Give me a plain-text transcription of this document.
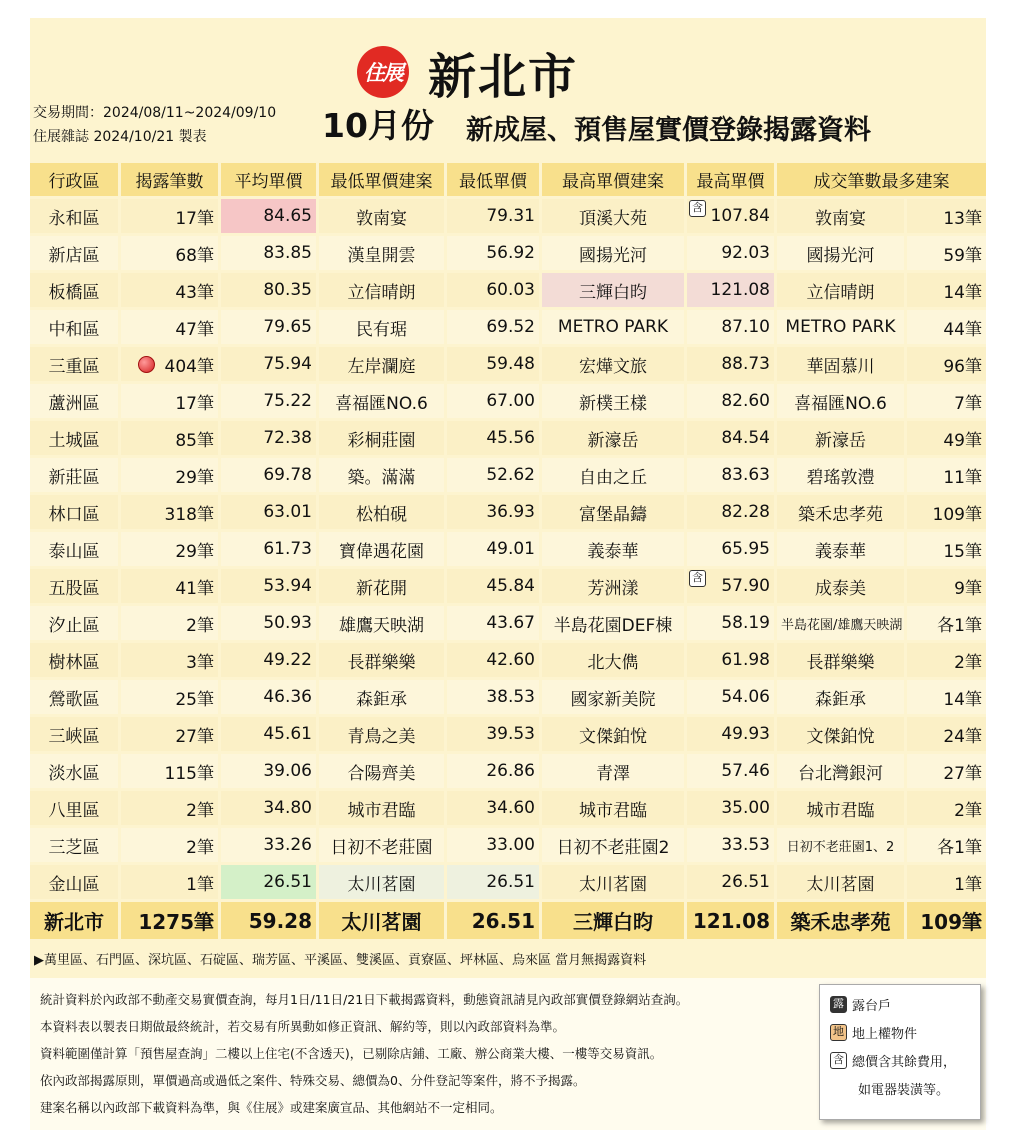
住展 新北市
交易期間：2024/08/11~2024/09/10
住展雜誌 2024/10/21 製表	10月份 新成屋、預售屋實價登錄揭露資料
行政區	揭露筆數	平均單價	最低單價建案	最低單價	最高單價建案	最高單價	成交筆數最多建案	
永和區	17筆	84.65	敦南宴	79.31	頂溪大苑	含 107.84	敦南宴	13筆
新店區	68筆	83.85	漢皇開雲	56.92	國揚光河	92.03	國揚光河	59筆
板橋區	43筆	80.35	立信晴朗	60.03	三輝白昀	121.08	立信晴朗	14筆
中和區	47筆	79.65	民有琚	69.52	METRO PARK	87.10	METRO PARK	44筆
三重區	404筆	75.94	左岸瀾庭	59.48	宏燁文旅	88.73	華固慕川	96筆
蘆洲區	17筆	75.22	喜福匯NO.6	67.00	新樸王樣	82.60	喜福匯NO.6	7筆
土城區	85筆	72.38	彩桐莊園	45.56	新濠岳	84.54	新濠岳	49筆
新莊區	29筆	69.78	築。滿滿	52.62	自由之丘	83.63	碧瑤敦澧	11筆
林口區	318筆	63.01	松柏硯	36.93	富堡晶鑄	82.28	築禾忠孝苑	109筆
泰山區	29筆	61.73	寶偉遇花園	49.01	義泰華	65.95	義泰華	15筆
五股區	41筆	53.94	新花開	45.84	芳洲漾	含 57.90	成泰美	9筆
汐止區	2筆	50.93	雄鷹天映湖	43.67	半島花園DEF棟	58.19	半島花園/雄鷹天映湖	各1筆
樹林區	3筆	49.22	長群樂樂	42.60	北大儁	61.98	長群樂樂	2筆
鶯歌區	25筆	46.36	森鉅承	38.53	國家新美院	54.06	森鉅承	14筆
三峽區	27筆	45.61	青鳥之美	39.53	文傑鉑悅	49.93	文傑鉑悅	24筆
淡水區	115筆	39.06	合陽齊美	26.86	青澤	57.46	台北灣銀河	27筆
八里區	2筆	34.80	城市君臨	34.60	城市君臨	35.00	城市君臨	2筆
三芝區	2筆	33.26	日初不老莊園	33.00	日初不老莊園2	33.53	日初不老莊園1、2	各1筆
金山區	1筆	26.51	太川茗園	26.51	太川茗園	26.51	太川茗園	1筆
新北市	1275筆	59.28	太川茗園	26.51	三輝白昀	121.08	築禾忠孝苑	109筆
▶萬里區、石門區、深坑區、石碇區、瑞芳區、平溪區、雙溪區、貢寮區、坪林區、烏來區 當月無揭露資料
統計資料於內政部不動產交易實價查詢，每月1日/11日/21日下載揭露資料，動態資訊請見內政部實價登錄網站查詢。
本資料表以製表日期做最終統計，若交易有所異動如修正資訊、解約等，則以內政部資料為準。
資料範圍僅計算「預售屋查詢」二樓以上住宅(不含透天)，已剔除店鋪、工廠、辦公商業大樓、一樓等交易資訊。
依內政部揭露原則，單價過高或過低之案件、特殊交易、總價為0、分件登記等案件，將不予揭露。
建案名稱以內政部下載資料為準，與《住展》或建案廣宣品、其他網站不一定相同。
露 露台戶
地 地上權物件
含 總價含其餘費用，
如電器裝潢等。
